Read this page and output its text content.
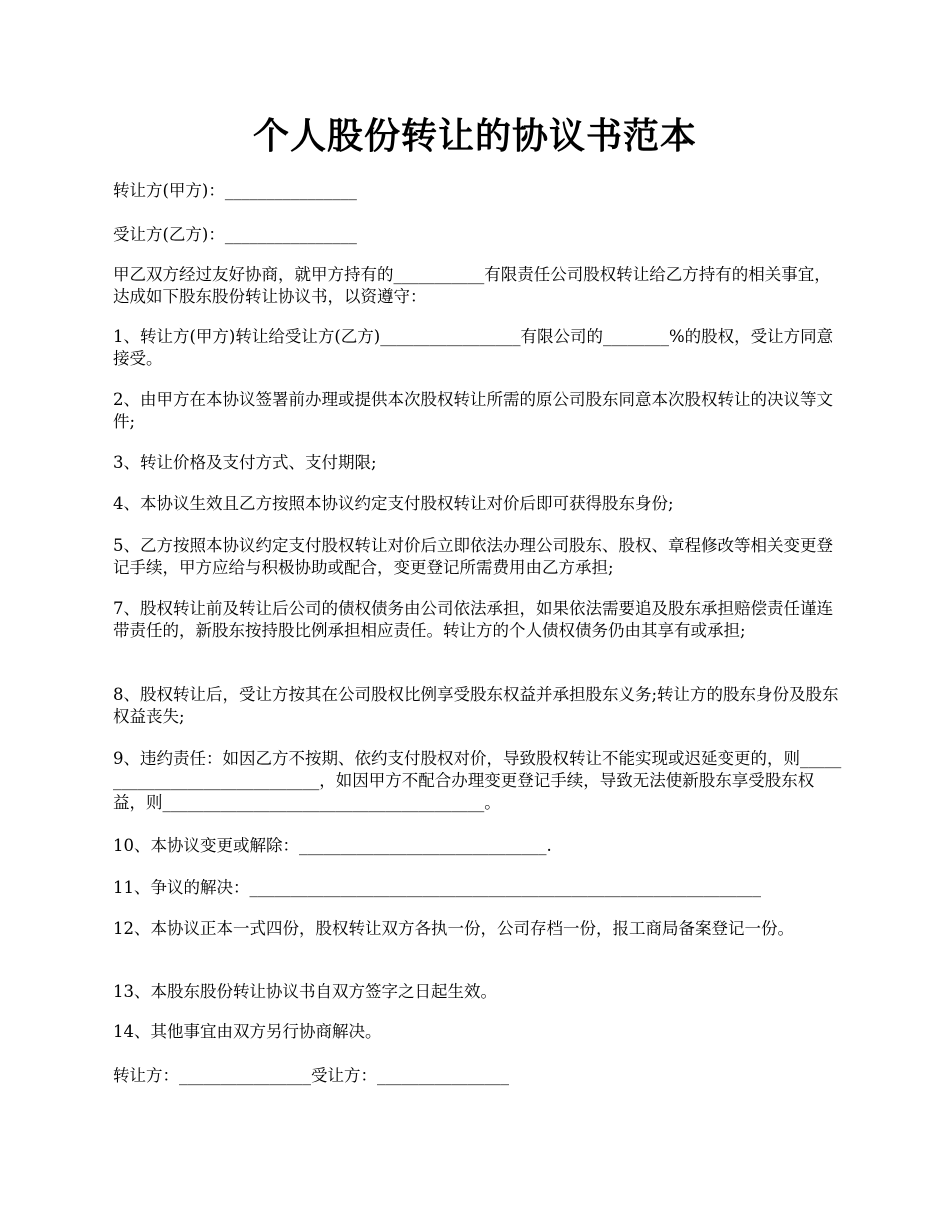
个人股份转让的协议书范本

转让方(甲方)：________________

受让方(乙方)：________________

甲乙双方经过友好协商，就甲方持有的___________有限责任公司股权转让给乙方持有的相关事宜，达成如下股东股份转让协议书，以资遵守：

1、转让方(甲方)转让给受让方(乙方)_________________有限公司的________%的股权，受让方同意接受。

2、由甲方在本协议签署前办理或提供本次股权转让所需的原公司股东同意本次股权转让的决议等文件;

3、转让价格及支付方式、支付期限;

4、本协议生效且乙方按照本协议约定支付股权转让对价后即可获得股东身份;

5、乙方按照本协议约定支付股权转让对价后立即依法办理公司股东、股权、章程修改等相关变更登记手续，甲方应给与积极协助或配合，变更登记所需费用由乙方承担;

7、股权转让前及转让后公司的债权债务由公司依法承担，如果依法需要追及股东承担赔偿责任谨连带责任的，新股东按持股比例承担相应责任。转让方的个人债权债务仍由其享有或承担;

8、股权转让后，受让方按其在公司股权比例享受股东权益并承担股东义务;转让方的股东身份及股东权益丧失;

9、违约责任：如因乙方不按期、依约支付股权对价，导致股权转让不能实现或迟延变更的，则______________________________，如因甲方不配合办理变更登记手续，导致无法使新股东享受股东权益，则_______________________________________。

10、本协议变更或解除：______________________________.

11、争议的解决：______________________________________________________________

12、本协议正本一式四份，股权转让双方各执一份，公司存档一份，报工商局备案登记一份。

13、本股东股份转让协议书自双方签字之日起生效。

14、其他事宜由双方另行协商解决。

转让方：________________受让方：________________
